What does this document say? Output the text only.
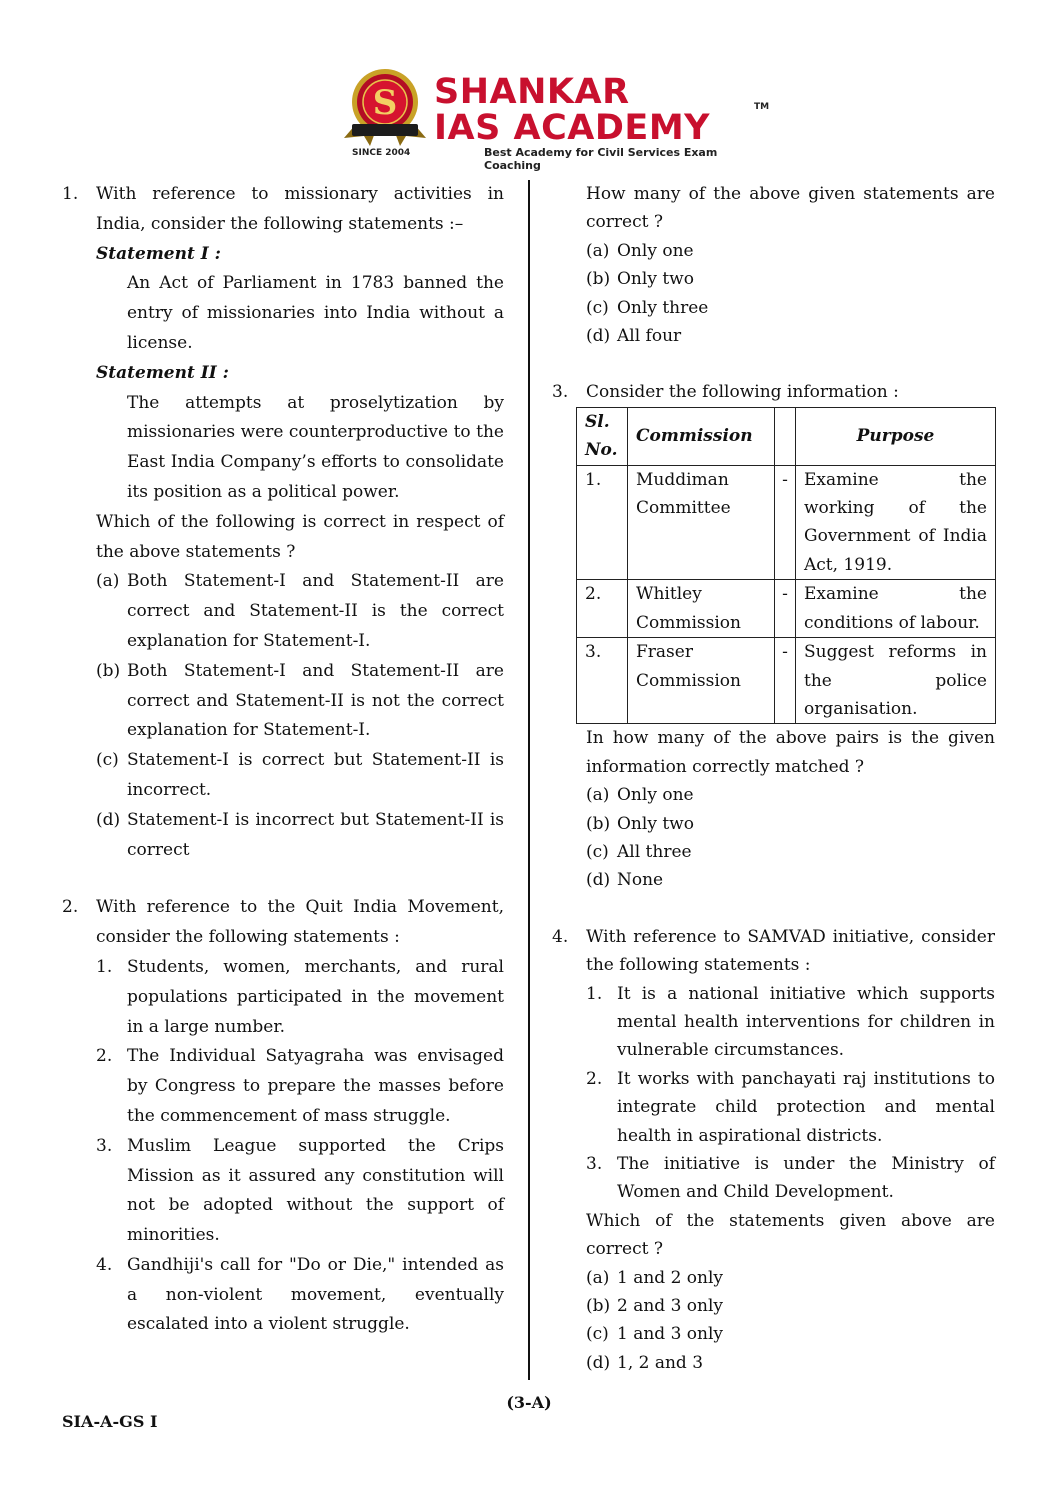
S SHANKAR
IAS ACADEMY
TM
SINCE 2004	Best Academy for Civil Services Exam Coaching
1.	With reference to missionary activities in India, consider the following statements :–
Statement I :
An Act of Parliament in 1783 banned the entry of missionaries into India without a license.
Statement II :
The attempts at proselytization by missionaries were counterproductive to the East India Company’s efforts to consolidate its position as a political power.
Which of the following is correct in respect of the above statements ?
(a) Both Statement-I and Statement-II are correct and Statement-II is the correct explanation for Statement-I.
(b) Both Statement-I and Statement-II are correct and Statement-II is not the correct explanation for Statement-I.
(c) Statement-I is correct but Statement-II is incorrect.
(d) Statement-I is incorrect but Statement-II is correct
2.	With reference to the Quit India Movement, consider the following statements :
1. Students, women, merchants, and rural populations participated in the movement in a large number.
2. The Individual Satyagraha was envisaged by Congress to prepare the masses before the commencement of mass struggle.
3. Muslim League supported the Crips Mission as it assured any constitution will not be adopted without the support of minorities.
4. Gandhiji's call for "Do or Die," intended as a non-violent movement, eventually escalated into a violent struggle.
How many of the above given statements are correct ?
(a) Only one
(b) Only two
(c) Only three
(d) All four
3.	Consider the following information :
Sl. No.	Commission		Purpose
1.	Muddiman Committee	-	Examine the working of the Government of India Act, 1919.
2.	Whitley Commission	-	Examine the conditions of labour.
3.	Fraser Commission	-	Suggest reforms in the police organisation.
In how many of the above pairs is the given information correctly matched ?
(a) Only one
(b) Only two
(c) All three
(d) None
4.	With reference to SAMVAD initiative, consider the following statements :
1. It is a national initiative which supports mental health interventions for children in vulnerable circumstances.
2. It works with panchayati raj institutions to integrate child protection and mental health in aspirational districts.
3. The initiative is under the Ministry of Women and Child Development.
Which of the statements given above are correct ?
(a) 1 and 2 only
(b) 2 and 3 only
(c) 1 and 3 only
(d) 1, 2 and 3
(3-A)
SIA-A-GS I
